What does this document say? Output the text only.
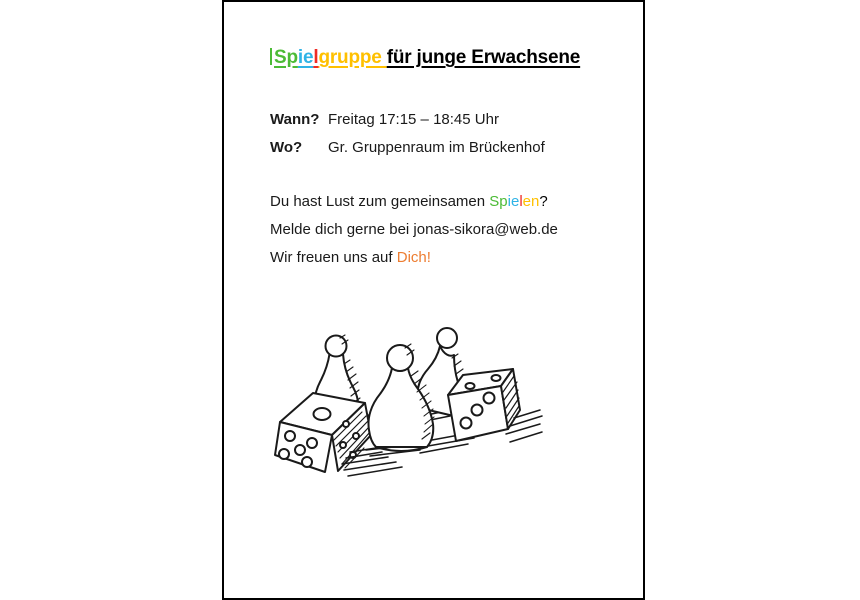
Spielgruppe für junge Erwachsene
Wann? Freitag 17:15 – 18:45 Uhr
Wo?	Gr. Gruppenraum im Brückenhof

Du hast Lust zum gemeinsamen Spielen?

Melde dich gerne bei jonas-sikora@web.de

Wir freuen uns auf Dich!
